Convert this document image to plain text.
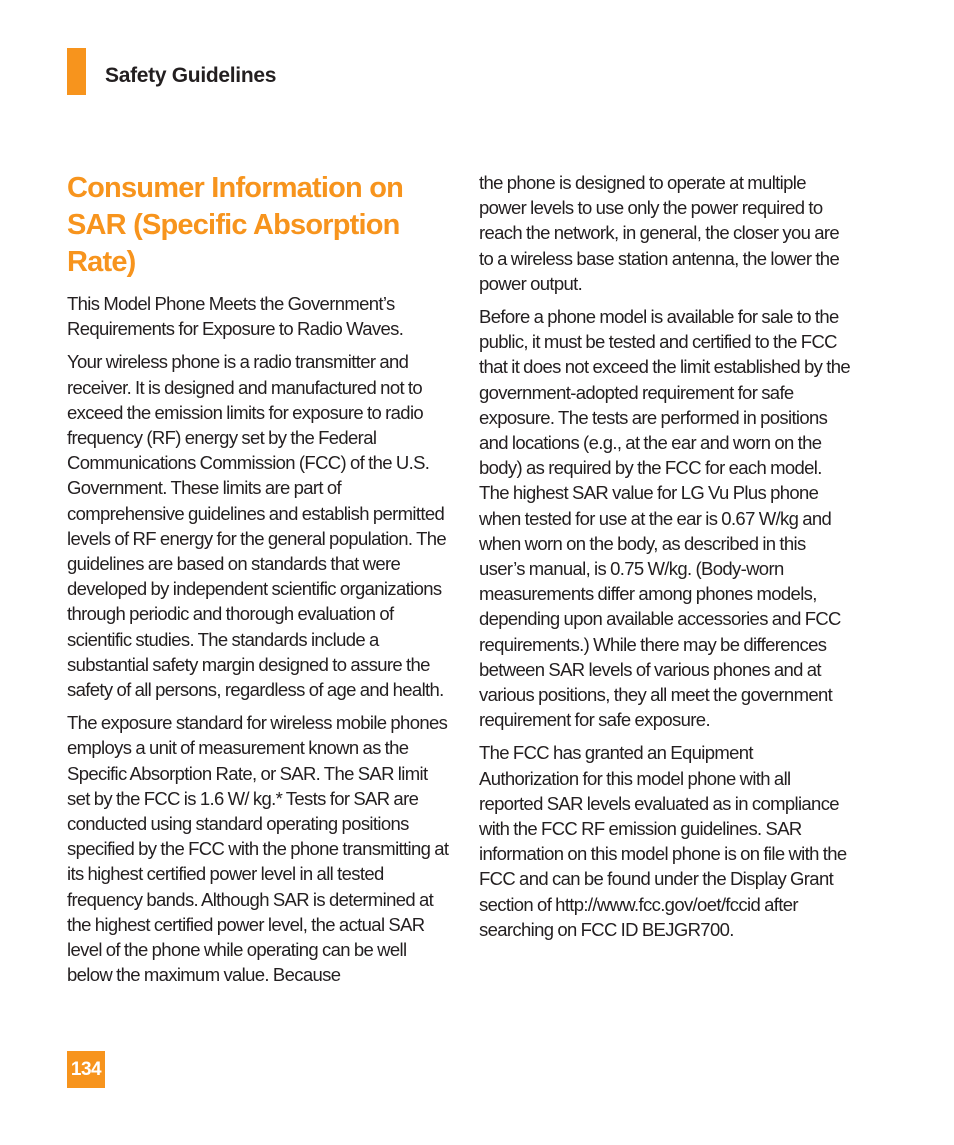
Safety Guidelines
Consumer Information on SAR (Specific Absorption Rate)

This Model Phone Meets the Government’s Requirements for Exposure to Radio Waves.

Your wireless phone is a radio transmitter and receiver. It is designed and manufactured not to exceed the emission limits for exposure to radio frequency (RF) energy set by the Federal Communications Commission (FCC) of the U.S. Government. These limits are part of comprehensive guidelines and establish permitted levels of RF energy for the general population. The guidelines are based on standards that were developed by independent scientific organizations through periodic and thorough evaluation of scientific studies. The standards include a substantial safety margin designed to assure the safety of all persons, regardless of age and health.

The exposure standard for wireless mobile phones employs a unit of measurement known as the Specific Absorption Rate, or SAR. The SAR limit set by the FCC is 1.6 W/ kg.* Tests for SAR are conducted using standard operating positions specified by the FCC with the phone transmitting at its highest certified power level in all tested frequency bands. Although SAR is determined at the highest certified power level, the actual SAR level of the phone while operating can be well below the maximum value. Because

the phone is designed to operate at multiple power levels to use only the power required to reach the network, in general, the closer you are to a wireless base station antenna, the lower the power output.

Before a phone model is available for sale to the public, it must be tested and certified to the FCC that it does not exceed the limit established by the government-adopted requirement for safe exposure. The tests are performed in positions and locations (e.g., at the ear and worn on the body) as required by the FCC for each model. The highest SAR value for LG Vu Plus phone when tested for use at the ear is 0.67 W/kg and when worn on the body, as described in this user’s manual, is 0.75 W/kg. (Body-worn measurements differ among phones models, depending upon available accessories and FCC requirements.) While there may be differences between SAR levels of various phones and at various positions, they all meet the government requirement for safe exposure.

The FCC has granted an Equipment Authorization for this model phone with all reported SAR levels evaluated as in compliance with the FCC RF emission guidelines. SAR information on this model phone is on file with the FCC and can be found under the Display Grant section of http://www.fcc.gov/oet/fccid after searching on FCC ID BEJGR700.

134
